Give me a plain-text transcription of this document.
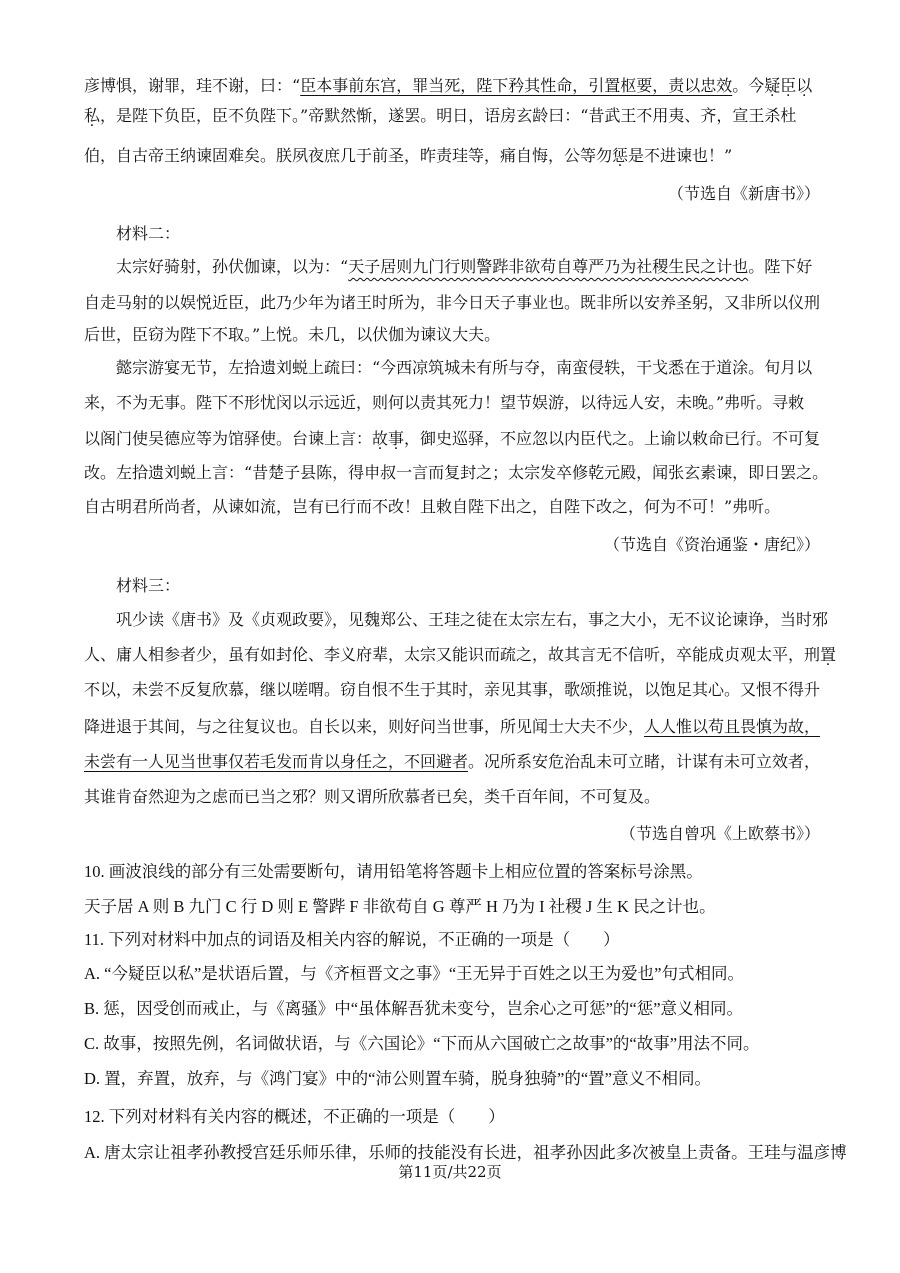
彦博惧，谢罪，珪不谢，曰：“臣本事前东宫，罪当死，陛下矜其性命，引置枢要，责以忠效。今疑臣以
私，是陛下负臣，臣不负陛下。”帝默然惭，遂罢。明日，语房玄龄曰：“昔武王不用夷、齐，宣王杀杜
伯，自古帝王纳谏固难矣。朕夙夜庶几于前圣，昨责珪等，痛自悔，公等勿惩是不进谏也！”
（节选自《新唐书》）
材料二：
太宗好骑射，孙伏伽谏，以为：“天子居则九门行则警跸非欲苟自尊严乃为社稷生民之计也。陛下好
自走马射的以娱悦近臣，此乃少年为诸王时所为，非今日天子事业也。既非所以安养圣躬，又非所以仪刑
后世，臣窃为陛下不取。”上悦。未几，以伏伽为谏议大夫。
懿宗游宴无节，左拾遗刘蜕上疏曰：“今西凉筑城未有所与夺，南蛮侵轶，干戈悉在于道涂。旬月以
来，不为无事。陛下不形忧闵以示远近，则何以责其死力！望节娱游，以待远人安，未晚。”弗听。寻敕
以阁门使吴德应等为馆驿使。台谏上言：故事，御史巡驿，不应忽以内臣代之。上谕以敕命已行。不可复
改。左拾遗刘蜕上言：“昔楚子县陈，得申叔一言而复封之；太宗发卒修乾元殿，闻张玄素谏，即日罢之。
自古明君所尚者，从谏如流，岂有已行而不改！且敕自陛下出之，自陛下改之，何为不可！”弗听。
（节选自《资治通鉴・唐纪》）
材料三：
巩少读《唐书》及《贞观政要》，见魏郑公、王珪之徒在太宗左右，事之大小，无不议论谏诤，当时邪
人、庸人相参者少，虽有如封伦、李义府辈，太宗又能识而疏之，故其言无不信听，卒能成贞观太平，刑置
不以，未尝不反复欣慕，继以嗟喟。窃自恨不生于其时，亲见其事，歌颂推说，以饱足其心。又恨不得升
降进退于其间，与之往复议也。自长以来，则好问当世事，所见闻士大夫不少，人人惟以苟且畏慎为故，
未尝有一人见当世事仅若毛发而肯以身任之，不回避者。况所系安危治乱未可立睹，计谋有未可立效者，
其谁肯奋然迎为之虑而已当之邪？则又谓所欣慕者已矣，类千百年间，不可复及。
（节选自曾巩《上欧蔡书》）
10. 画波浪线的部分有三处需要断句，请用铅笔将答题卡上相应位置的答案标号涂黑。
天子居 A 则 B 九门 C 行 D 则 E 警跸 F 非欲苟自 G 尊严 H 乃为 I 社稷 J 生 K 民之计也。
11. 下列对材料中加点的词语及相关内容的解说，不正确的一项是（　　）
A. “今疑臣以私”是状语后置，与《齐桓晋文之事》“王无异于百姓之以王为爱也”句式相同。
B. 惩，因受创而戒止，与《离骚》中“虽体解吾犹未变兮，岂余心之可惩”的“惩”意义相同。
C. 故事，按照先例，名词做状语，与《六国论》“下而从六国破亡之故事”的“故事”用法不同。
D. 置，弃置，放弃，与《鸿门宴》中的“沛公则置车骑，脱身独骑”的“置”意义不相同。
12. 下列对材料有关内容的概述，不正确的一项是（　　）
A. 唐太宗让祖孝孙教授宫廷乐师乐律，乐师的技能没有长进，祖孝孙因此多次被皇上责备。王珪与温彦博
第11页/共22页
